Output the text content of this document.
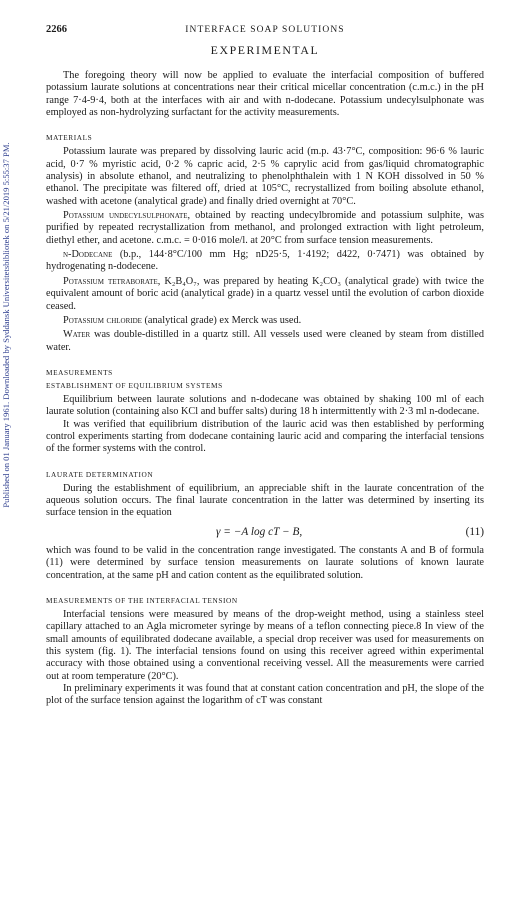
Published on 01 January 1961. Downloaded by Syddansk Universitetsbibliotek on 5/21/2019 5:55:37 PM.
2266	INTERFACE SOAP SOLUTIONS
EXPERIMENTAL

The foregoing theory will now be applied to evaluate the interfacial composition of buffered potassium laurate solutions at concentrations near their critical micellar concentration (c.m.c.) in the pH range 7·4-9·4, both at the interfaces with air and with n-dodecane. Potassium undecylsulphonate was employed as non-hydrolyzing surfactant for the activity measurements.

MATERIALS

Potassium laurate was prepared by dissolving lauric acid (m.p. 43·7°C, composition: 96·6 % lauric acid, 0·7 % myristic acid, 0·2 % capric acid, 2·5 % caprylic acid from gas/liquid chromatographic analysis) in absolute ethanol, and neutralizing to phenolphthalein with 1 N KOH dissolved in 50 % ethanol. The precipitate was filtered off, dried at 105°C, recrystallized from boiling absolute ethanol, washed with acetone (analytical grade) and finally dried overnight at 70°C.

Potassium undecylsulphonate, obtained by reacting undecylbromide and potassium sulphite, was purified by repeated recrystallization from methanol, and prolonged extraction with light petroleum, diethyl ether, and acetone. c.m.c. = 0·016 mole/l. at 20°C from surface tension measurements.

n-Dodecane (b.p., 144·8°C/100 mm Hg; nD25·5, 1·4192; d422, 0·7471) was obtained by hydrogenating n-dodecene.

Potassium tetraborate, K₂B₄O₇, was prepared by heating K₂CO₃ (analytical grade) with twice the equivalent amount of boric acid (analytical grade) in a quartz vessel until the evolution of carbon dioxide ceased.

Potassium chloride (analytical grade) ex Merck was used.

Water was double-distilled in a quartz still. All vessels used were cleaned by steam from distilled water.

MEASUREMENTS
ESTABLISHMENT OF EQUILIBRIUM SYSTEMS

Equilibrium between laurate solutions and n-dodecane was obtained by shaking 100 ml of each laurate solution (containing also KCl and buffer salts) during 18 h intermittently with 2·3 ml n-dodecane.

It was verified that equilibrium distribution of the lauric acid was then established by performing control experiments starting from dodecane containing lauric acid and comparing the interfacial tensions of the former systems with the control.

LAURATE DETERMINATION

During the establishment of equilibrium, an appreciable shift in the laurate concentration of the aqueous solution occurs. The final laurate concentration in the latter was determined by inserting its surface tension in the equation

γ = −A log cT − B,	(11)

which was found to be valid in the concentration range investigated. The constants A and B of formula (11) were determined by surface tension measurements on laurate solutions of known laurate concentration, at the same pH and cation content as the equilibrated solution.

MEASUREMENTS OF THE INTERFACIAL TENSION

Interfacial tensions were measured by means of the drop-weight method, using a stainless steel capillary attached to an Agla micrometer syringe by means of a teflon connecting piece.8 In view of the small amounts of equilibrated dodecane available, a special drop receiver was used for measurements on this system (fig. 1). The interfacial tensions found on using this receiver agreed within experimental accuracy with those obtained using a conventional receiving vessel. All the measurements were carried out at room temperature (20°C).

In preliminary experiments it was found that at constant cation concentration and pH, the slope of the plot of the surface tension against the logarithm of cT was constant
